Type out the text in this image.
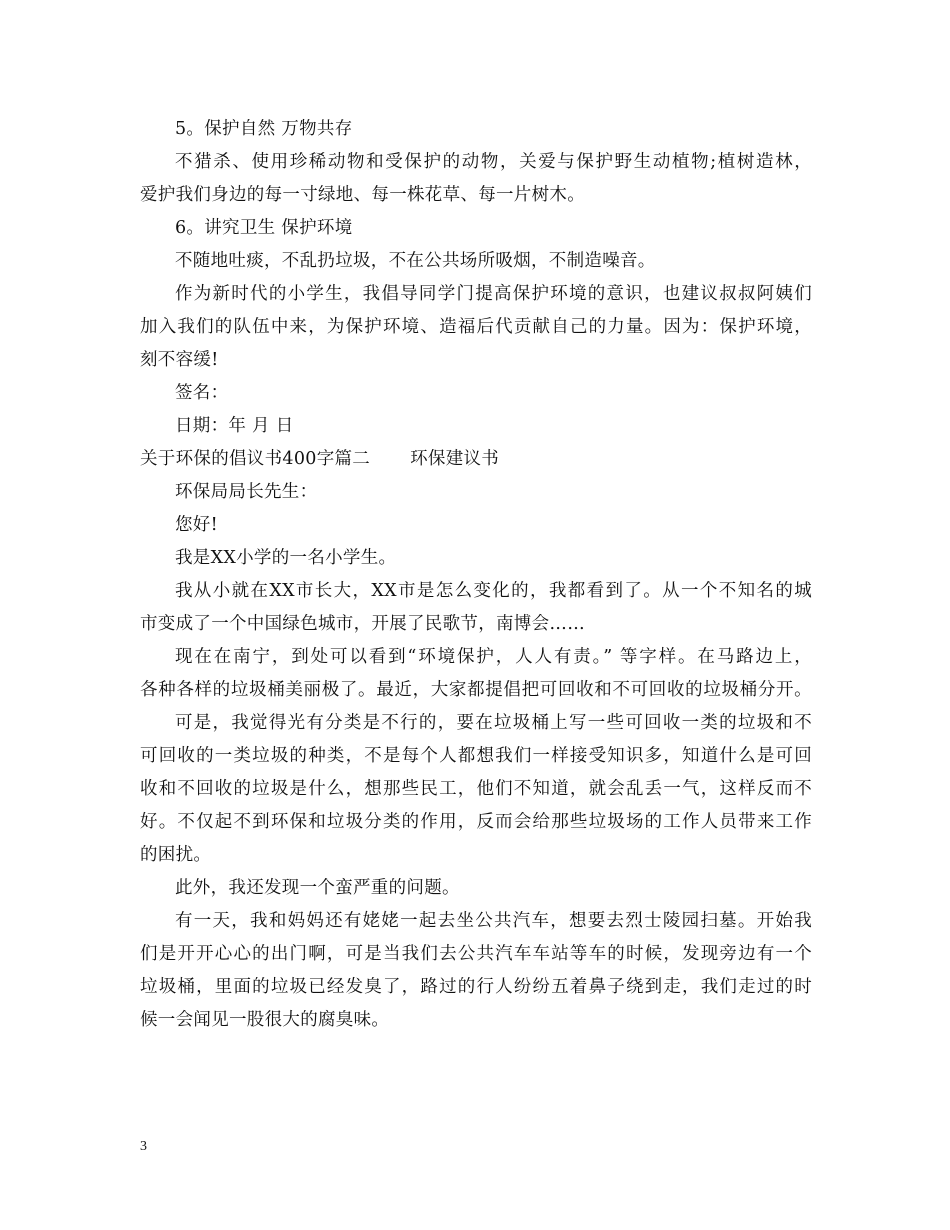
5。保护自然 万物共存
不猎杀、使用珍稀动物和受保护的动物，关爱与保护野生动植物;植树造林，
爱护我们身边的每一寸绿地、每一株花草、每一片树木。
6。讲究卫生 保护环境
不随地吐痰，不乱扔垃圾，不在公共场所吸烟，不制造噪音。
作为新时代的小学生，我倡导同学门提高保护环境的意识，也建议叔叔阿姨们
加入我们的队伍中来，为保护环境、造福后代贡献自己的力量。因为：保护环境，
刻不容缓!
签名：
日期：年 月 日
关于环保的倡议书400字篇二 环保建议书
环保局局长先生：
您好!
我是XX小学的一名小学生。
我从小就在XX市长大，XX市是怎么变化的，我都看到了。从一个不知名的城
市变成了一个中国绿色城市，开展了民歌节，南博会……
现在在南宁，到处可以看到“环境保护，人人有责。” 等字样。在马路边上，
各种各样的垃圾桶美丽极了。最近，大家都提倡把可回收和不可回收的垃圾桶分开。
可是，我觉得光有分类是不行的，要在垃圾桶上写一些可回收一类的垃圾和不
可回收的一类垃圾的种类，不是每个人都想我们一样接受知识多，知道什么是可回
收和不回收的垃圾是什么，想那些民工，他们不知道，就会乱丢一气，这样反而不
好。不仅起不到环保和垃圾分类的作用，反而会给那些垃圾场的工作人员带来工作
的困扰。
此外，我还发现一个蛮严重的问题。
有一天，我和妈妈还有姥姥一起去坐公共汽车，想要去烈士陵园扫墓。开始我
们是开开心心的出门啊，可是当我们去公共汽车车站等车的时候，发现旁边有一个
垃圾桶，里面的垃圾已经发臭了，路过的行人纷纷五着鼻子绕到走，我们走过的时
候一会闻见一股很大的腐臭味。
3
